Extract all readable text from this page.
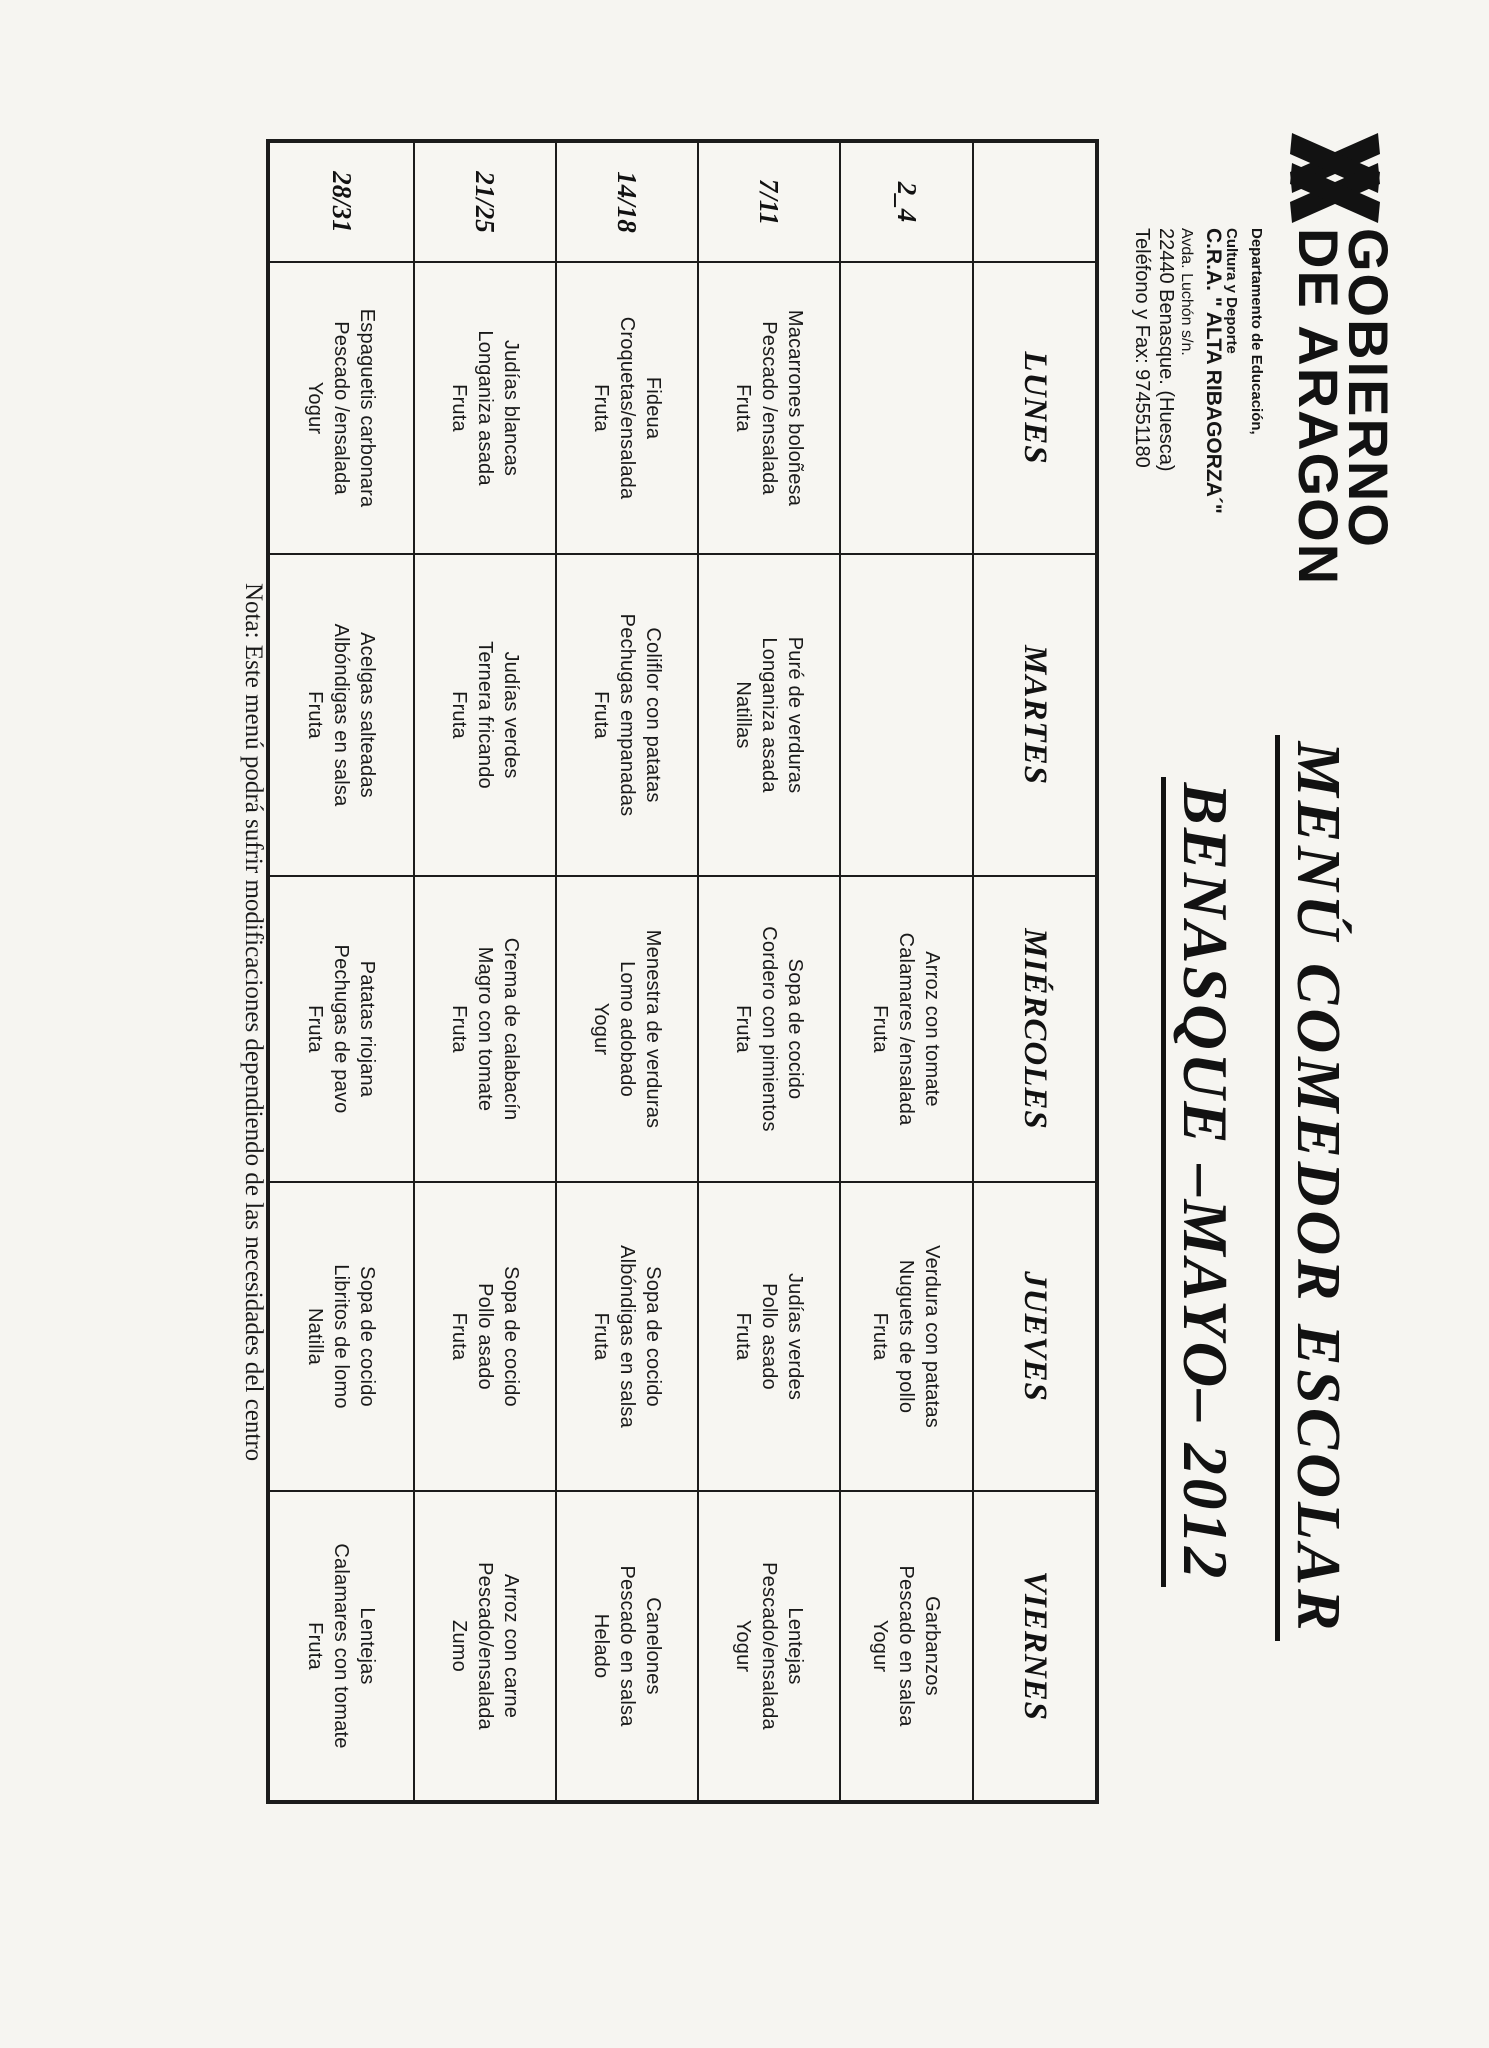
GOBIERNO
DE ARAGON
Departamento de Educación,
Cultura y Deporte
C.R.A. " ALTA RIBAGORZA´"
Avda. Luchón s/n.
22440 Benasque. (Huesca)
Teléfono y Fax: 974551180
MENÚ COMEDOR ESCOLAR
BENASQUE –MAYO– 2012
LUNES
MARTES
MIÉRCOLES
JUEVES
VIERNES
2_4
Arroz con tomate
Calamares /ensalada
Fruta
Verdura con patatas
Nuguets de pollo
Fruta
Garbanzos
Pescado en salsa
Yogur
7/11
Macarrones boloñesa
Pescado /ensalada
Fruta
Puré de verduras
Longaniza asada
Natillas
Sopa de cocido
Cordero con pimientos
Fruta
Judías verdes
Pollo asado
Fruta
Lentejas
Pescado/ensalada
Yogur
14/18
Fideua
Croquetas/ensalada
Fruta
Coliflor con patatas
Pechugas empanadas
Fruta
Menestra de verduras
Lomo adobado
Yogur
Sopa de cocido
Albóndigas en salsa
Fruta
Canelones
Pescado en salsa
Helado
21/25
Judías blancas
Longaniza asada
Fruta
Judías verdes
Ternera fricando
Fruta
Crema de calabacín
Magro con tomate
Fruta
Sopa de cocido
Pollo asado
Fruta
Arroz con carne
Pescado/ensalada
Zumo
28/31
Espaguetis carbonara
Pescado /ensalada
Yogur
Acelgas salteadas
Albóndigas en salsa
Fruta
Patatas riojana
Pechugas de pavo
Fruta
Sopa de cocido
Libritos de lomo
Natilla
Lentejas
Calamares con tomate
Fruta
Nota: Este menú podrá sufrir modificaciones dependiendo de las necesidades del centro
